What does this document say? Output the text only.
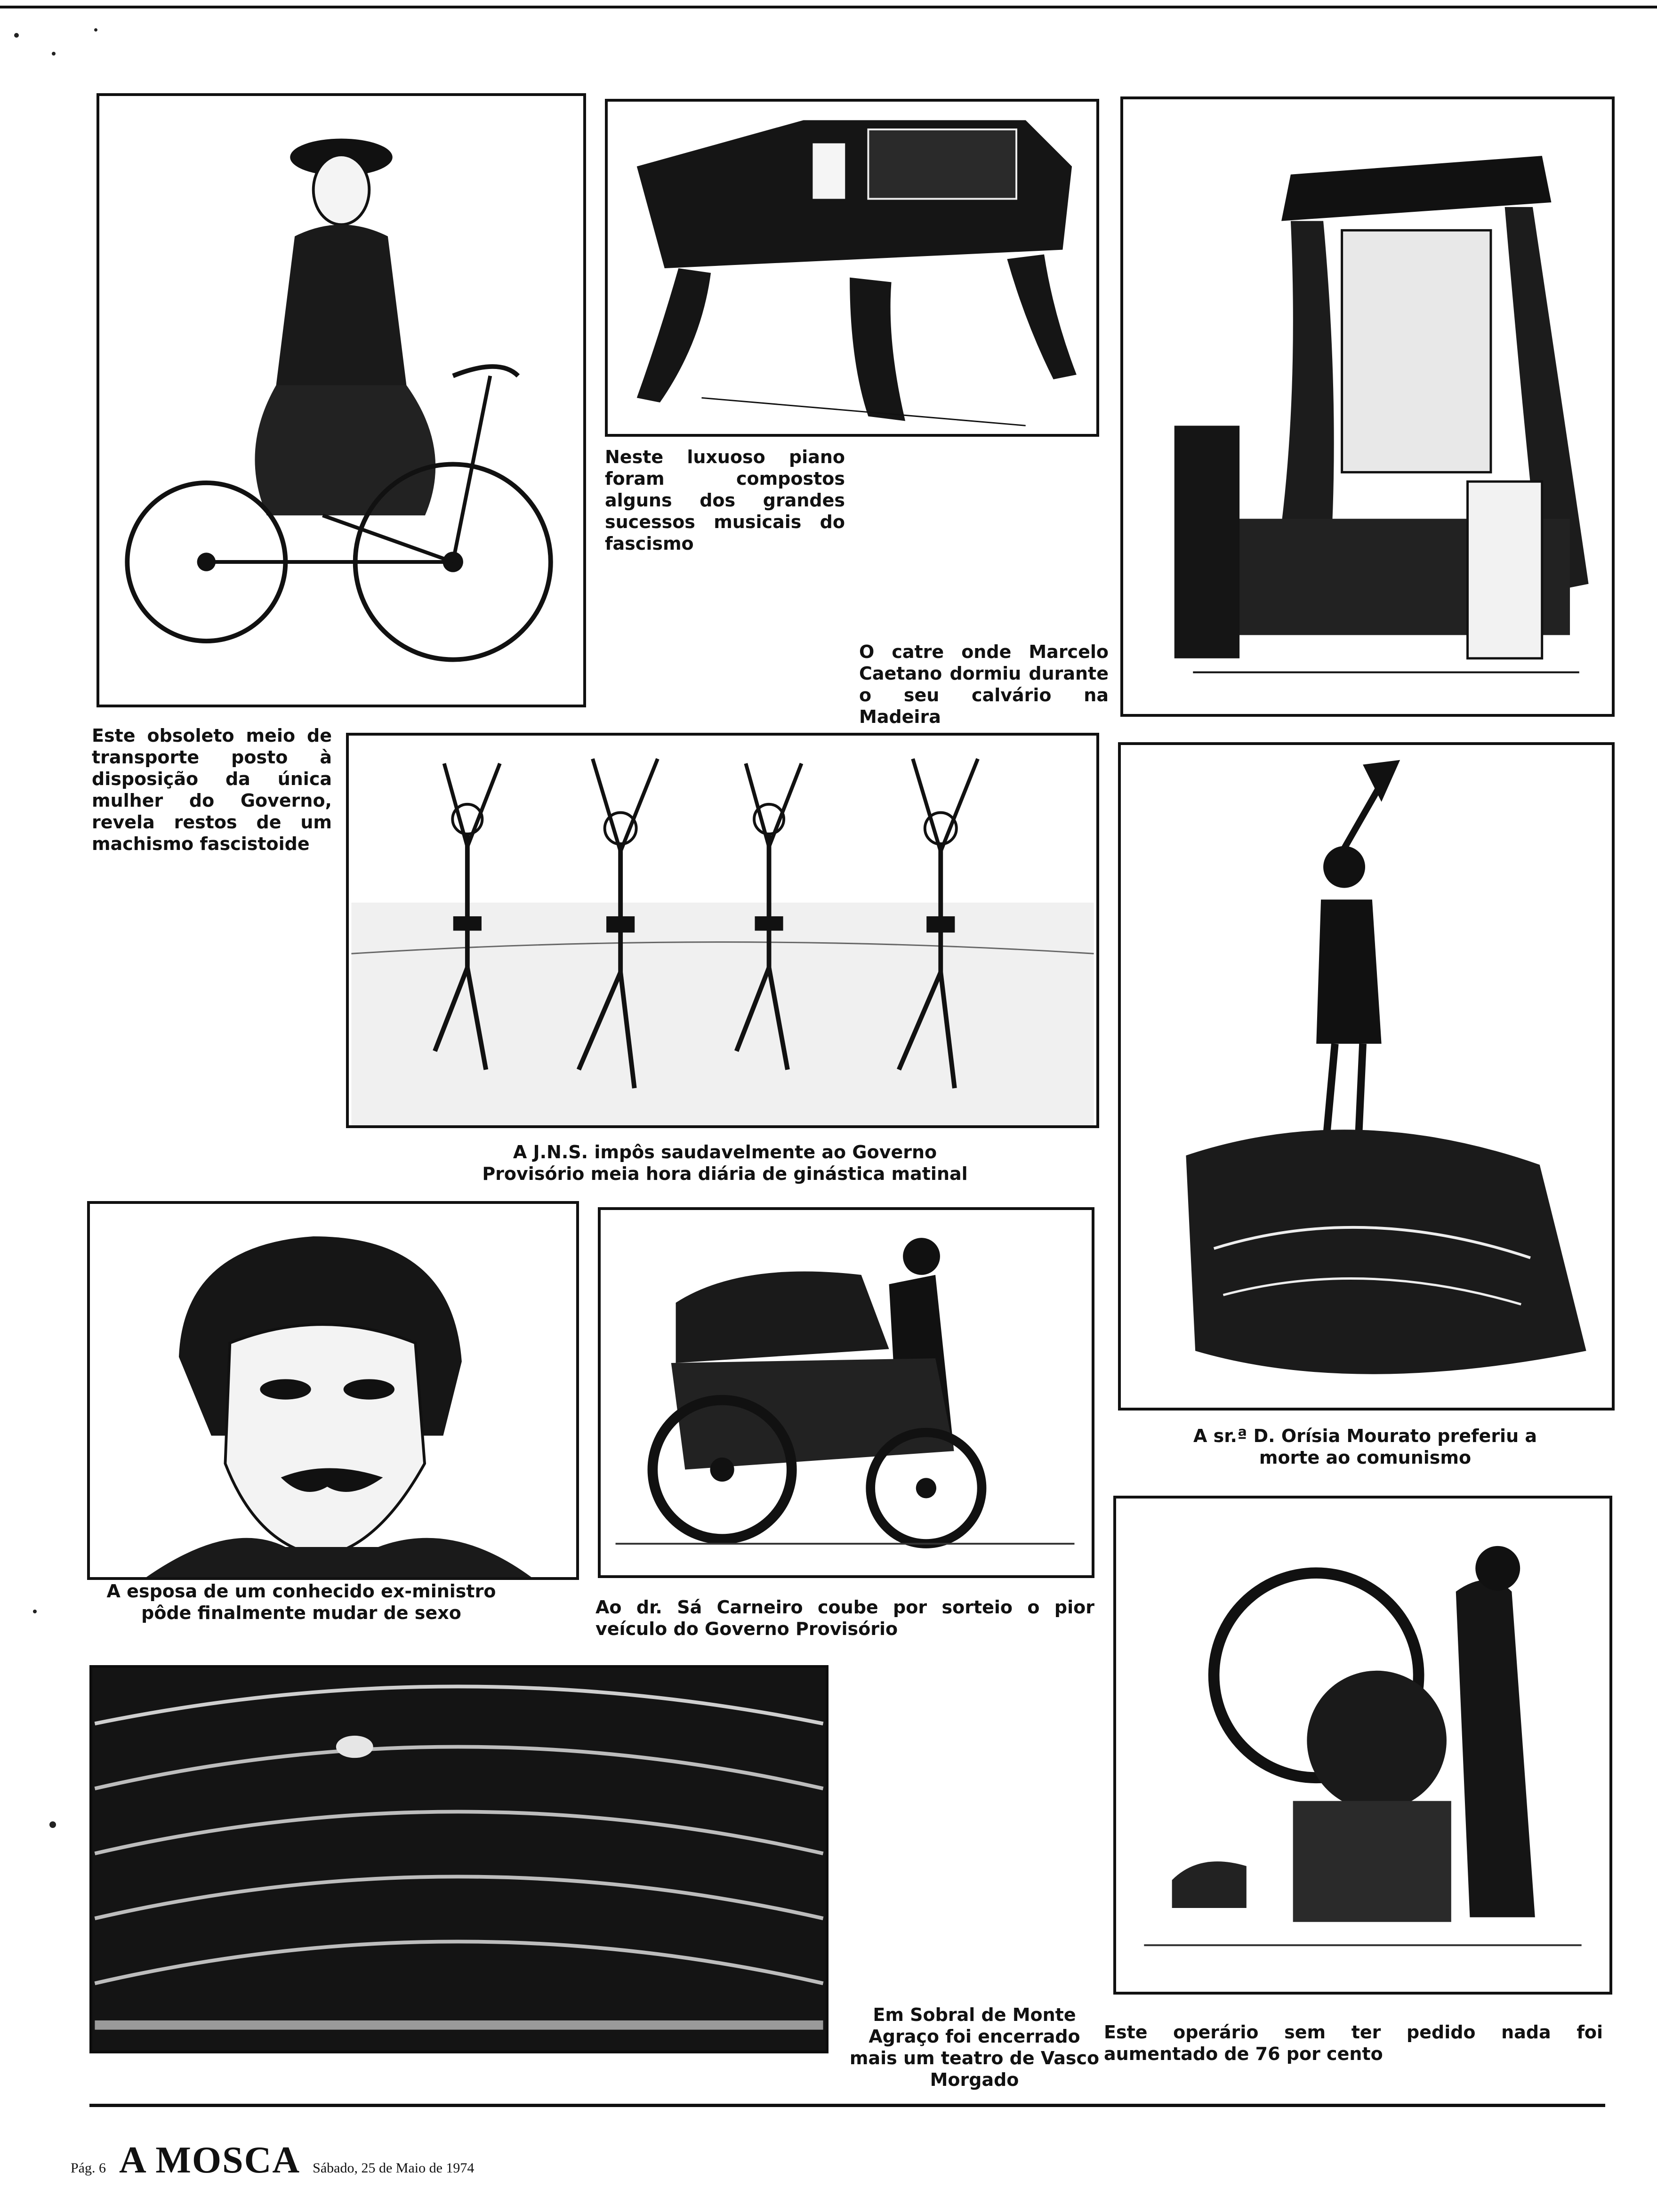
Este obsoleto meio de transporte posto à disposição da única mulher do Governo, revela restos de um machismo fascistoide
Neste luxuoso piano foram compostos alguns dos grandes sucessos musicais do fascismo
O catre onde Marcelo Caetano dormiu durante o seu calvário na Madeira
A J.N.S. impôs saudavelmente ao Governo Provisório meia hora diária de ginástica matinal
A sr.ª D. Orísia Mourato preferiu a morte ao comunismo
A esposa de um conhecido ex-ministro pôde finalmente mudar de sexo	Ao dr. Sá Carneiro coube por sorteio o pior veículo do Governo Provisório
Em Sobral de Monte Agraço foi encerrado mais um teatro de Vasco Morgado
Este operário sem ter pedido nada foi aumentado de 76 por cento
Pág. 6 A MOSCA Sábado, 25 de Maio de 1974
